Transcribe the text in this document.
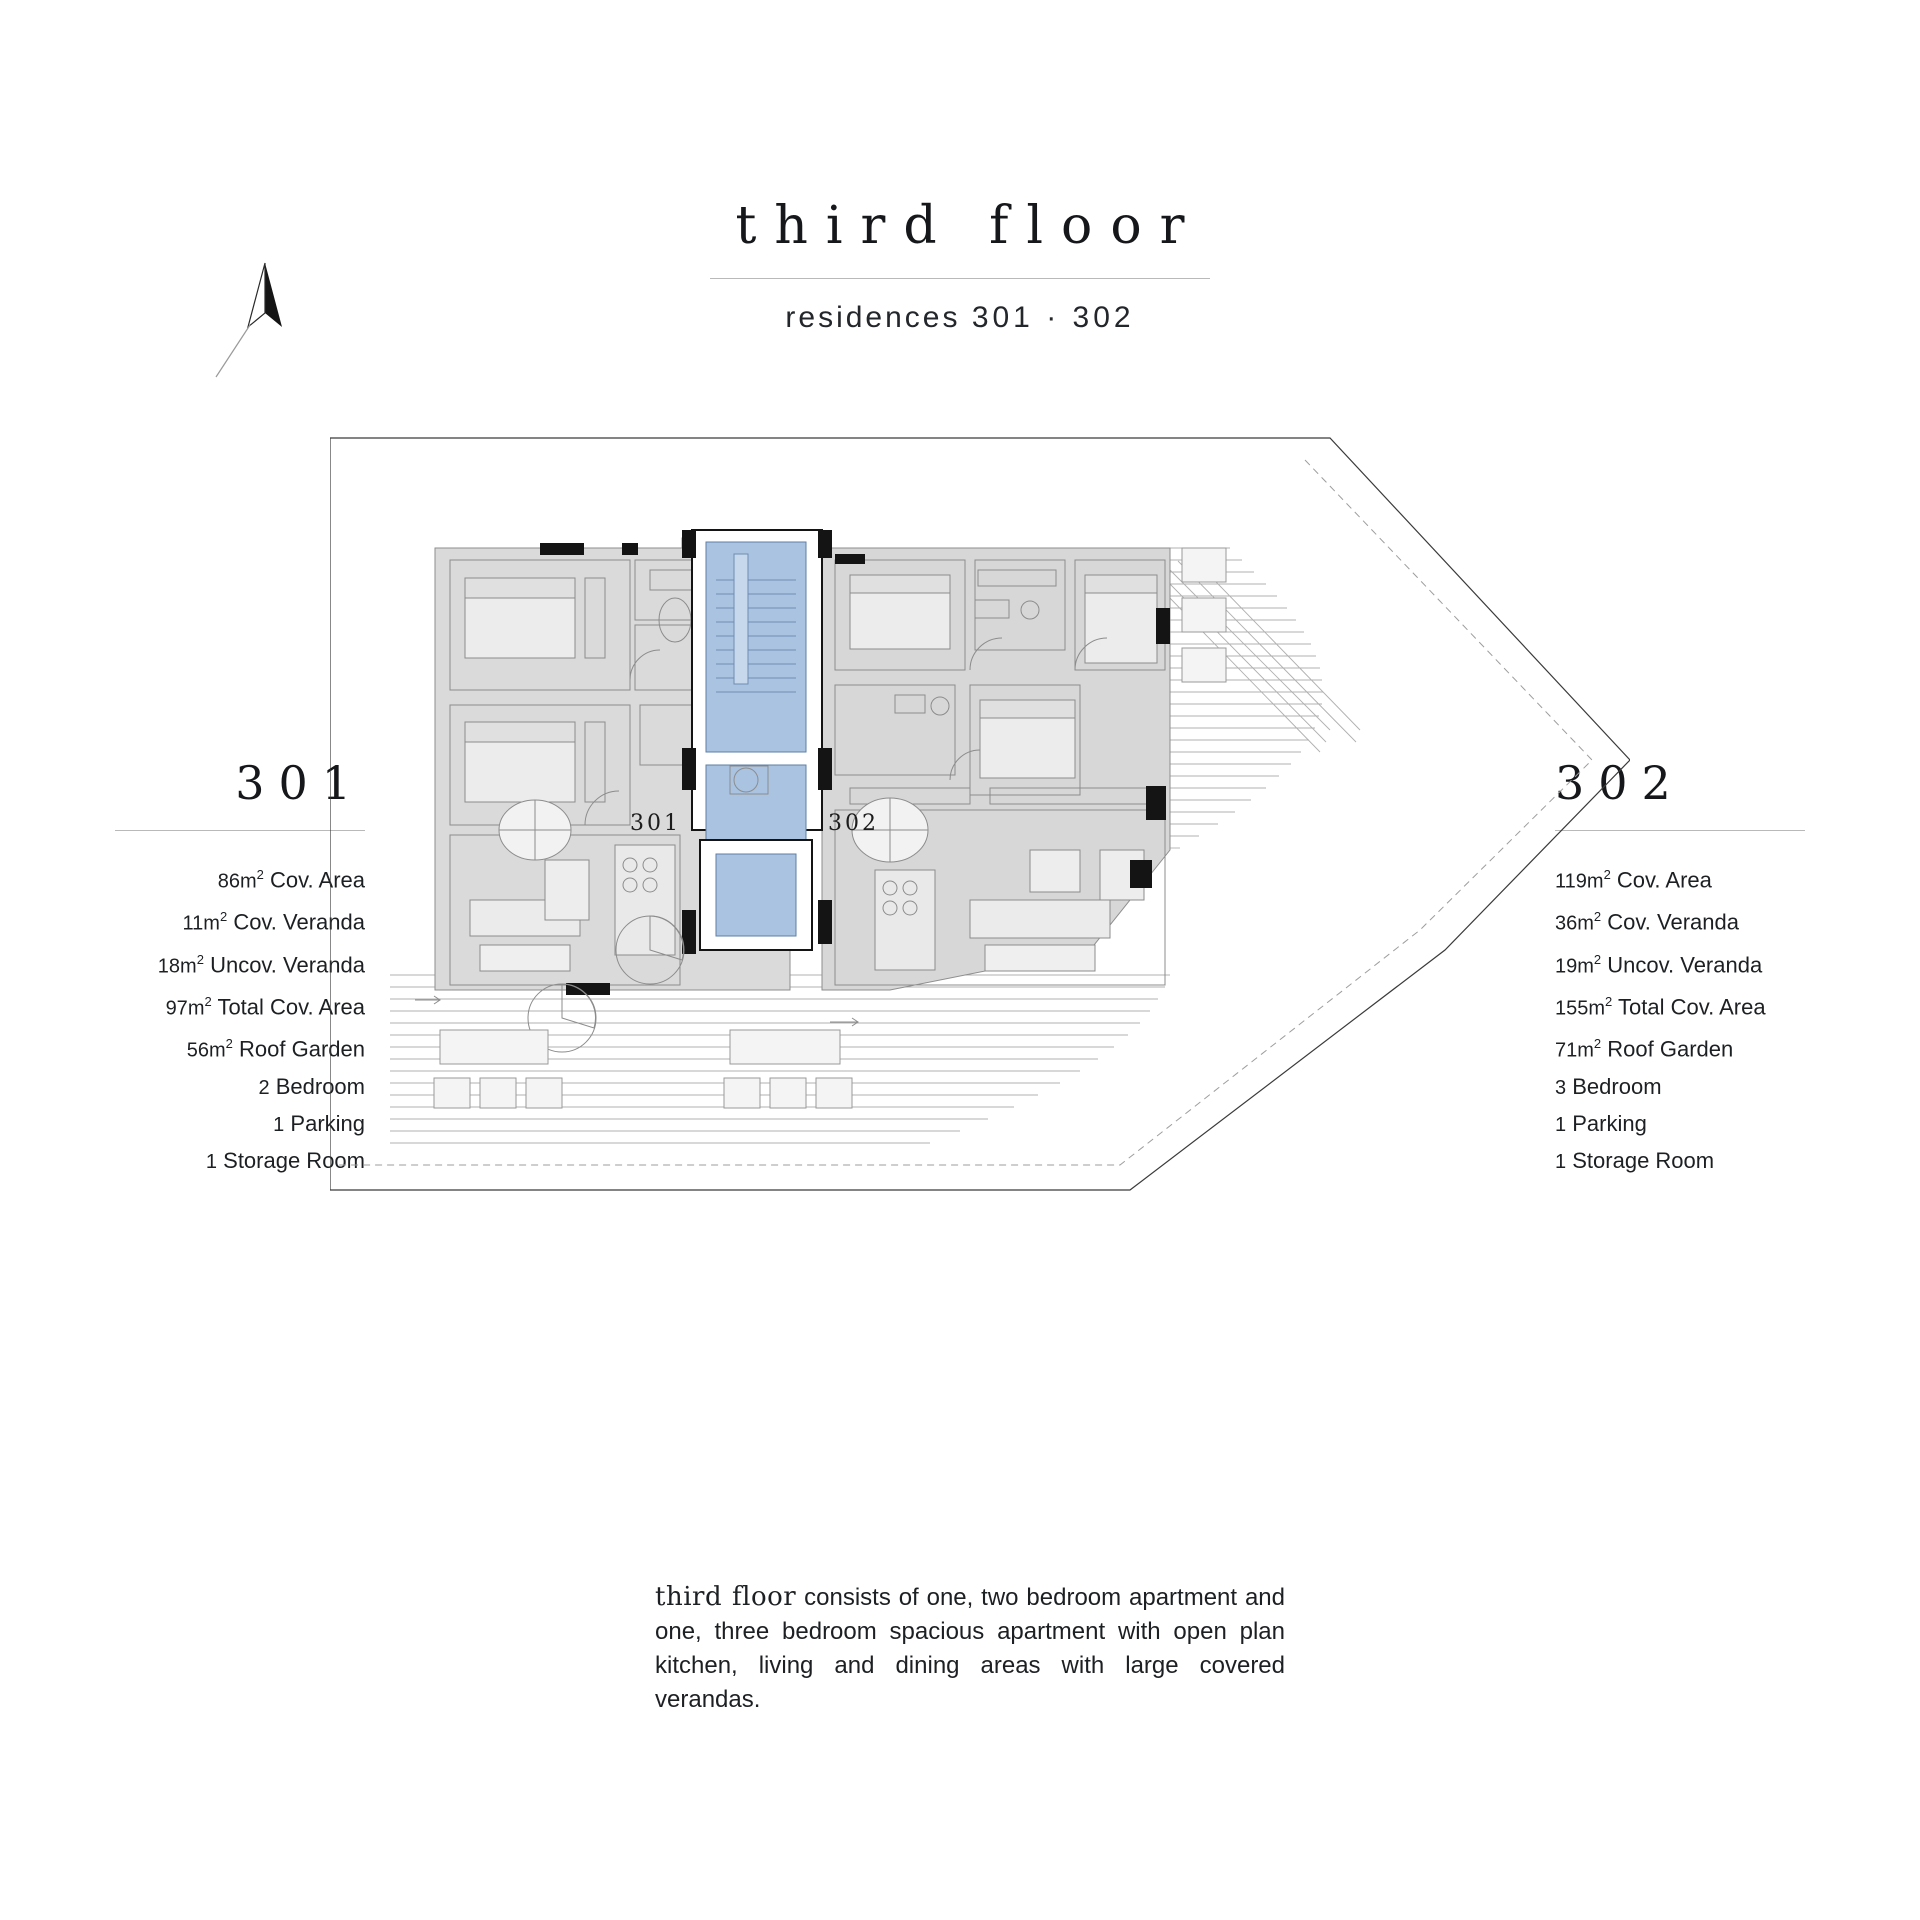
third floor
residences 301 · 302
301
$86m^2$ Cov. Area
$11m^2$ Cov. Veranda
$18m^2$ Uncov. Veranda
$97m^2$ Total Cov. Area
$56m^2$ Roof Garden
2 Bedroom
1 Parking
1 Storage Room
302
$119m^2$ Cov. Area
$36m^2$ Cov. Veranda
$19m^2$ Uncov. Veranda
$155m^2$ Total Cov. Area
$71m^2$ Roof Garden
3 Bedroom
1 Parking
1 Storage Room
301	302

third floor consists of one, two bedroom apartment and one, three bedroom spacious apartment with open plan kitchen, living and dining areas with large covered verandas.
